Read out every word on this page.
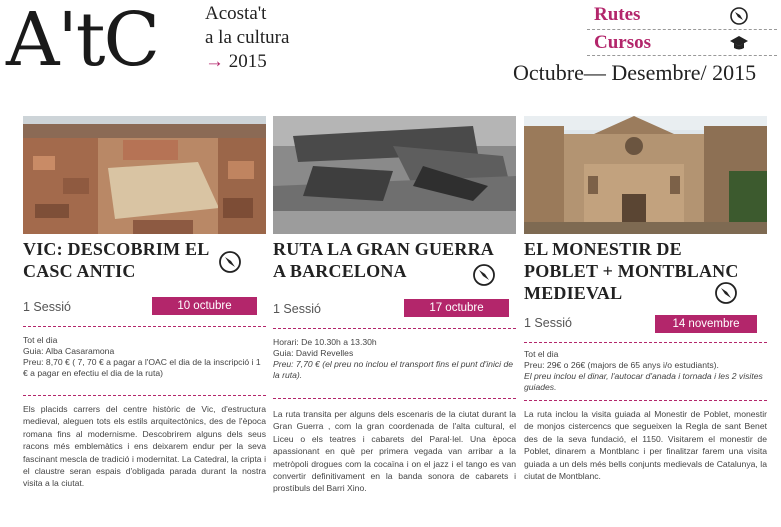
A'tC Acosta't
a la cultura
→ 2015
Rutes
Cursos
Octubre— Desembre/ 2015
VIC: DESCOBRIM EL
CASC ANTIC
1 Sessió	10 octubre

Tot el dia

Guia: Alba Casaramona

Preu: 8,70 € ( 7, 70 € a pagar a l'OAC el dia de la inscripció i 1 € a pagar en efectiu el dia de la ruta)

Els placids carrers del centre històric de Vic, d'estructura medieval, aleguen tots els estils arquitectònics, des de l'època romana fins al modernisme. Descobrirem alguns dels seus racons més emblemàtics i ens deixarem endur per la seva fascinant mescla de tradició i modernitat. La Catedral, la cripta i el claustre seran espais d'obligada parada durant la nostra visita a la ciutat.
RUTA LA GRAN GUERRA
A BARCELONA
1 Sessió	17 octubre

Horari: De 10.30h a 13.30h

Guia: David Revelles

Preu: 7,70 € (el preu no inclou el transport fins el punt d'inici de la ruta).

La ruta transita per alguns dels escenaris de la ciutat durant la Gran Guerra , com la gran coordenada de l'alta cultural, el Liceu o els teatres i cabarets del Paral·lel. Una època apassionant en què per primera vegada van arribar a la metròpoli drogues com la cocaïna i on el jazz i el tango es van convertir definitivament en la banda sonora de cabarets i prostíbuls del Barri Xino.
EL MONESTIR DE
POBLET + MONTBLANC
MEDIEVAL
1 Sessió	14 novembre

Tot el dia

Preu: 29€ o 26€ (majors de 65 anys i/o estudiants).

El preu inclou el dinar, l'autocar d'anada i tornada i les 2 visites guiades.

La ruta inclou la visita guiada al Monestir de Poblet, monestir de monjos cistercencs que segueixen la Regla de sant Benet des de la seva fundació, el 1150. Visitarem el monestir de Poblet, dinarem a Montblanc i per finalitzar farem una visita guiada a un dels més bells conjunts medievals de Catalunya, la ciutat de Montblanc.
